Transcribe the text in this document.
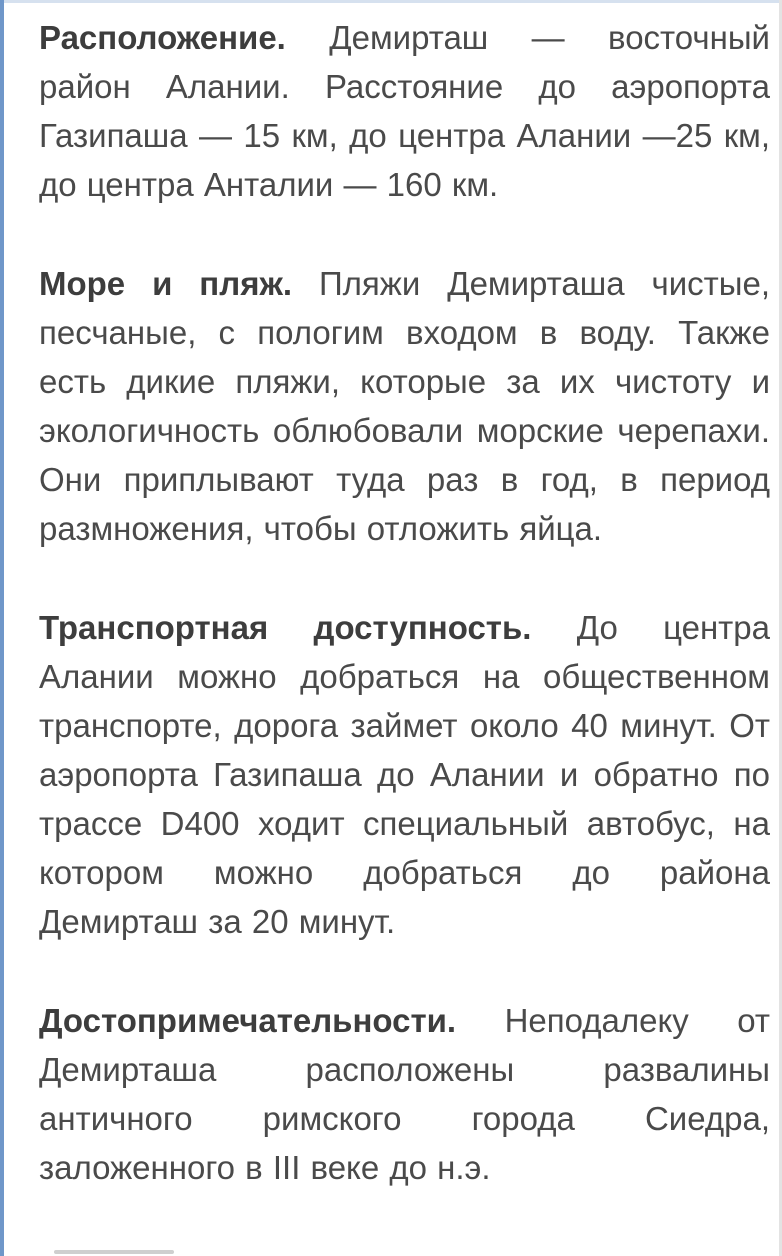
Расположение. Демирташ — восточный район Алании. Расстояние до аэропорта Газипаша — 15 км, до центра Алании —25 км, до центра Анталии — 160 км.

Море и пляж. Пляжи Демирташа чистые, песчаные, с пологим входом в воду. Также есть дикие пляжи, которые за их чистоту и экологичность облюбовали морские черепахи. Они приплывают туда раз в год, в период размножения, чтобы отложить яйца.

Транспортная доступность. До центра Алании можно добраться на общественном транспорте, дорога займет около 40 минут. От аэропорта Газипаша до Алании и обратно по трассе D400 ходит специальный автобус, на котором можно добраться до района Демирташ за 20 минут.

Достопримечательности. Неподалеку от Демирташа расположены развалины античного римского города Сиедра, заложенного в III веке до н.э.
